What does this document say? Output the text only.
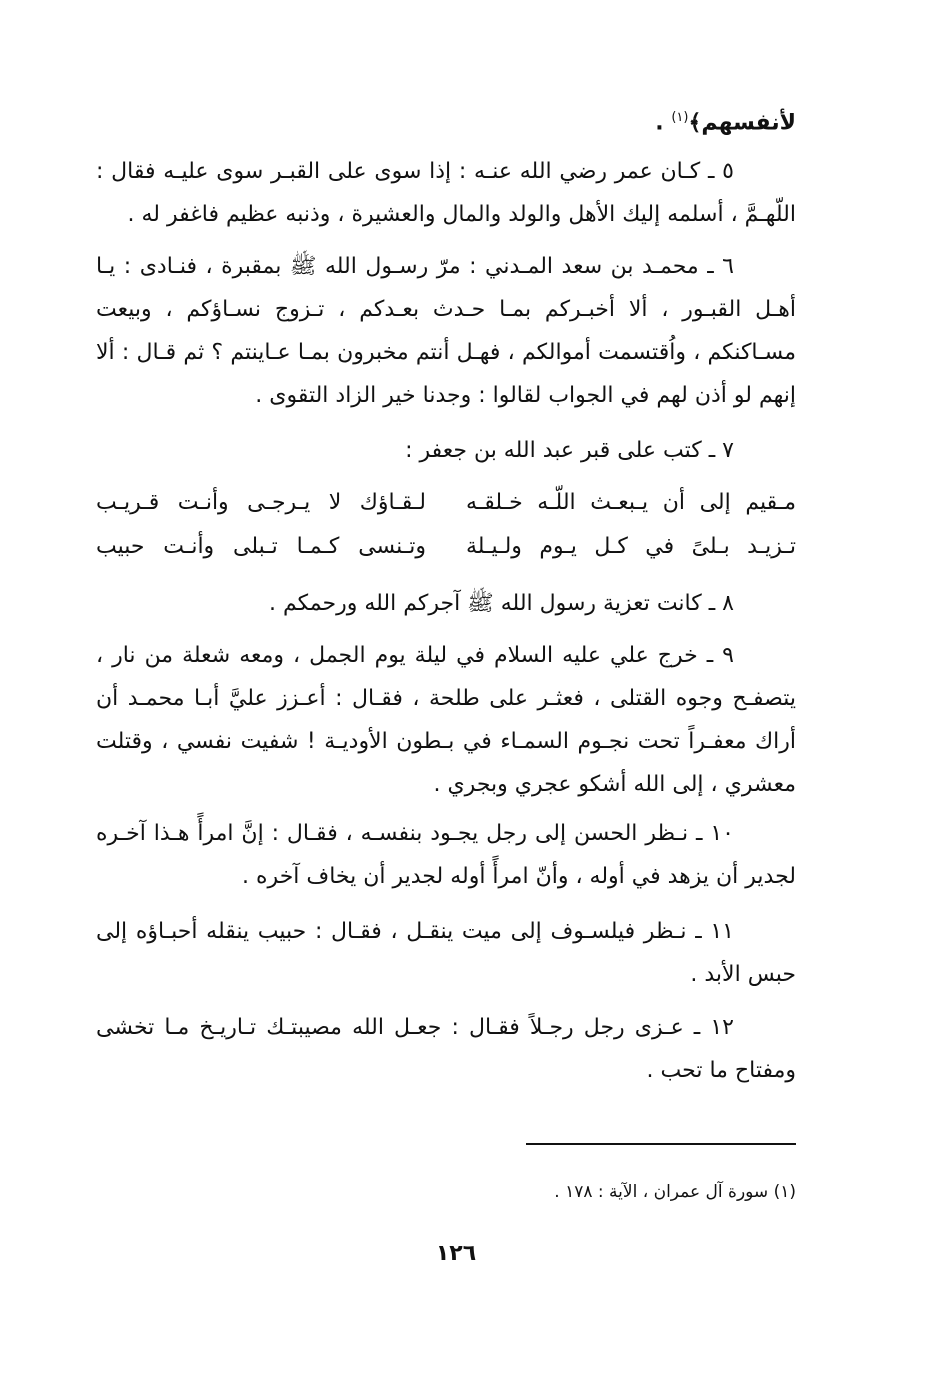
لأنفسهم﴾$^{(١)}$ .
٥ ـ كـان عمر رضي الله عنـه : إذا سوى على القبـر سوى عليـه فقال : اللّهـمَّ ، أسلمه إليك الأهل والولد والمال والعشيرة ، وذنبه عظيم فاغفر له .
٦ ـ محمـد بن سعد المـدني : مرّ رسـول الله ﷺ بمقبرة ، فنـادى : يـا أهـل القبـور ، ألا أخبـركم بمـا حـدث بعـدكم ، تـزوج نسـاؤكم ، وبيعت مسـاكنكم ، واُقتسمت أموالكم ، فهـل أنتم مخبرون بمـا عـاينتم ؟ ثم قـال : ألا إنهم لو أذن لهم في الجواب لقالوا : وجدنا خير الزاد التقوى .
٧ ـ كتب على قبر عبد الله بن جعفر :
مـقيم إلى أن يـبعـث اللّـه خـلقـه
لـقـاؤك لا يـرجـى وأنـت قـريـب
تـزيـد بـلىً في كـل يـوم ولـيـلة
وتـنسى كـمـا تـبلى وأنـت حبيب
٨ ـ كانت تعزية رسول الله ﷺ آجركم الله ورحمكم .
٩ ـ خرج علي عليه السلام في ليلة يوم الجمل ، ومعه شعلة من نار ، يتصفـح وجوه القتلى ، فعثـر على طلحة ، فقـال : أعـزز عليَّ أبـا محمـد أن أراك معفـراً تحت نجـوم السمـاء في بـطون الأوديـة ! شفيت نفسي ، وقتلت معشري ، إلى الله أشكو عجري وبجري .
١٠ ـ نـظر الحسن إلى رجل يجـود بنفسـه ، فقـال : إنَّ امرأً هـذا آخـره لجدير أن يزهد في أوله ، وأنّ امرأً أوله لجدير أن يخاف آخره .
١١ ـ نـظر فيلسـوف إلى ميت ينقـل ، فقـال : حبيب ينقله أحبـاؤه إلى حبس الأبد .
١٢ ـ عـزى رجل رجـلاً فقـال : جعـل الله مصيبتـك تـاريـخ مـا تخشى ومفتاح ما تحب .
(١) سورة آل عمران ، الآية : ١٧٨ .
١٢٦
